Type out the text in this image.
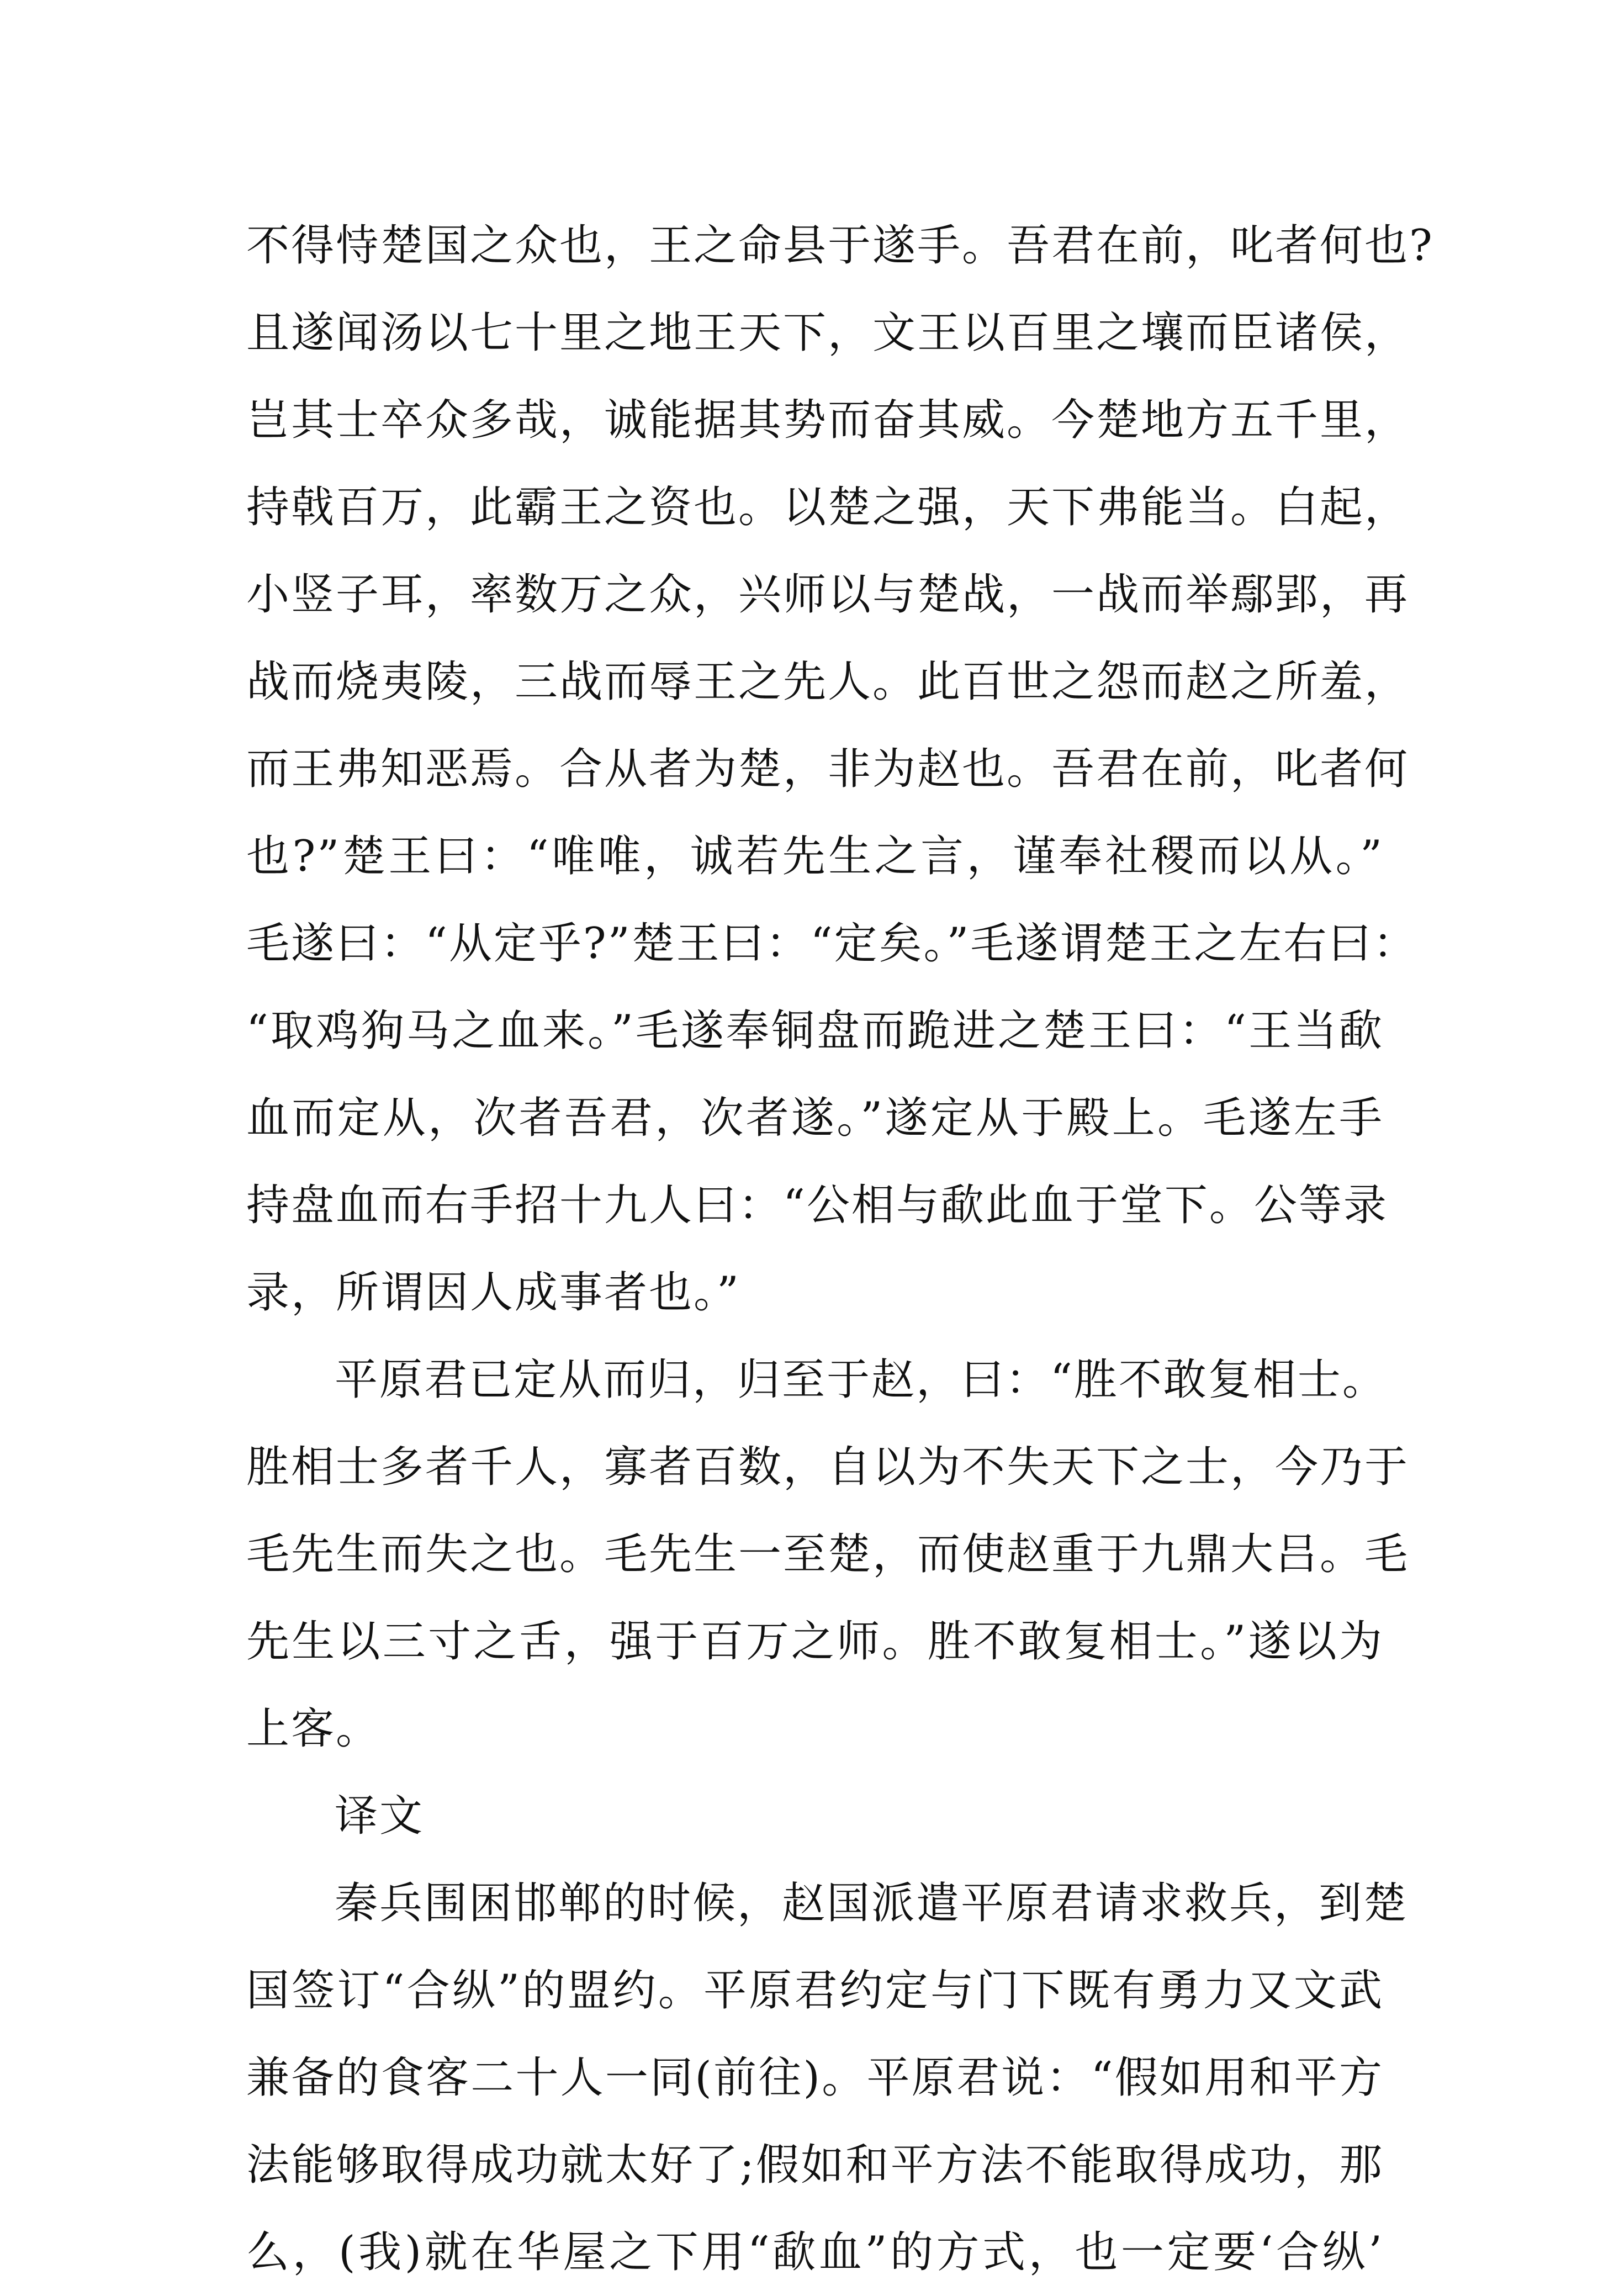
不得恃楚国之众也，王之命县于遂手。吾君在前，叱者何也?
且遂闻汤以七十里之地王天下，文王以百里之壤而臣诸侯，
岂其士卒众多哉，诚能据其势而奋其威。今楚地方五千里，
持戟百万，此霸王之资也。以楚之强，天下弗能当。白起，
小竖子耳，率数万之众，兴师以与楚战，一战而举鄢郢，再
战而烧夷陵，三战而辱王之先人。此百世之怨而赵之所羞，
而王弗知恶焉。合从者为楚，非为赵也。吾君在前，叱者何
也?”楚王曰：“唯唯，诚若先生之言，谨奉社稷而以从。”
毛遂曰：“从定乎?”楚王曰：“定矣。”毛遂谓楚王之左右曰：
“取鸡狗马之血来。”毛遂奉铜盘而跪进之楚王曰：“王当歃
血而定从，次者吾君，次者遂。”遂定从于殿上。毛遂左手
持盘血而右手招十九人曰：“公相与歃此血于堂下。公等录
录，所谓因人成事者也。”
平原君已定从而归，归至于赵，曰：“胜不敢复相士。
胜相士多者千人，寡者百数，自以为不失天下之士，今乃于
毛先生而失之也。毛先生一至楚，而使赵重于九鼎大吕。毛
先生以三寸之舌，强于百万之师。胜不敢复相士。”遂以为
上客。
译文
秦兵围困邯郸的时候，赵国派遣平原君请求救兵，到楚
国签订“合纵”的盟约。平原君约定与门下既有勇力又文武
兼备的食客二十人一同(前往)。平原君说：“假如用和平方
法能够取得成功就太好了;假如和平方法不能取得成功，那
么，(我)就在华屋之下用“歃血”的方式，也一定要‘合纵’
